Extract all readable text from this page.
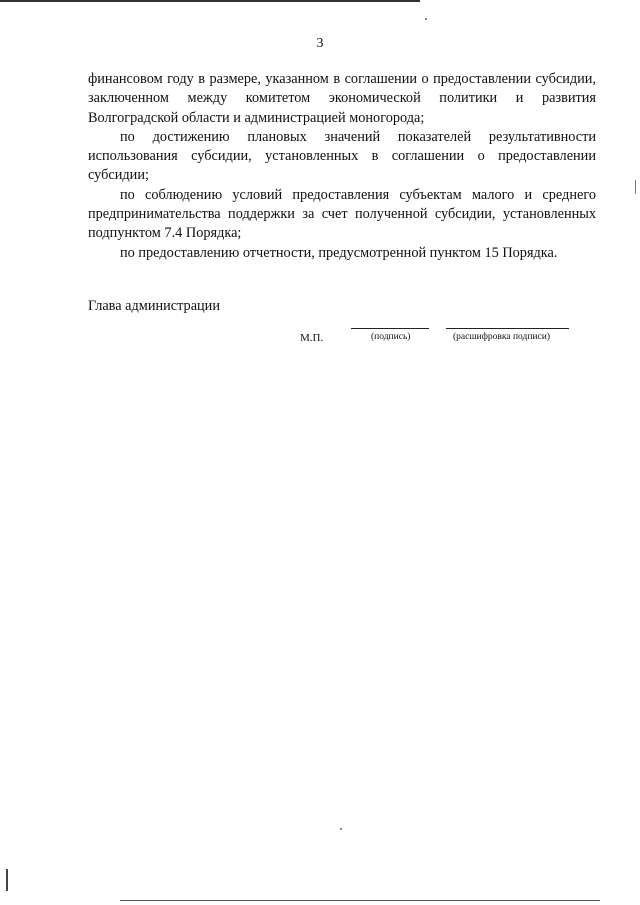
3

финансовом году в размере, указанном в соглашении о предоставлении субсидии, заключенном между комитетом экономической политики и развития Волгоградской области и администрацией моногорода;

по достижению плановых значений показателей результативности использования субсидии, установленных в соглашении о предоставлении субсидии;

по соблюдению условий предоставления субъектам малого и среднего предпринимательства поддержки за счет полученной субсидии, установленных подпунктом 7.4 Порядка;

по предоставлению отчетности, предусмотренной пунктом 15 Порядка.

Глава администрации
М.П.	(подпись)	(расшифровка подписи)
